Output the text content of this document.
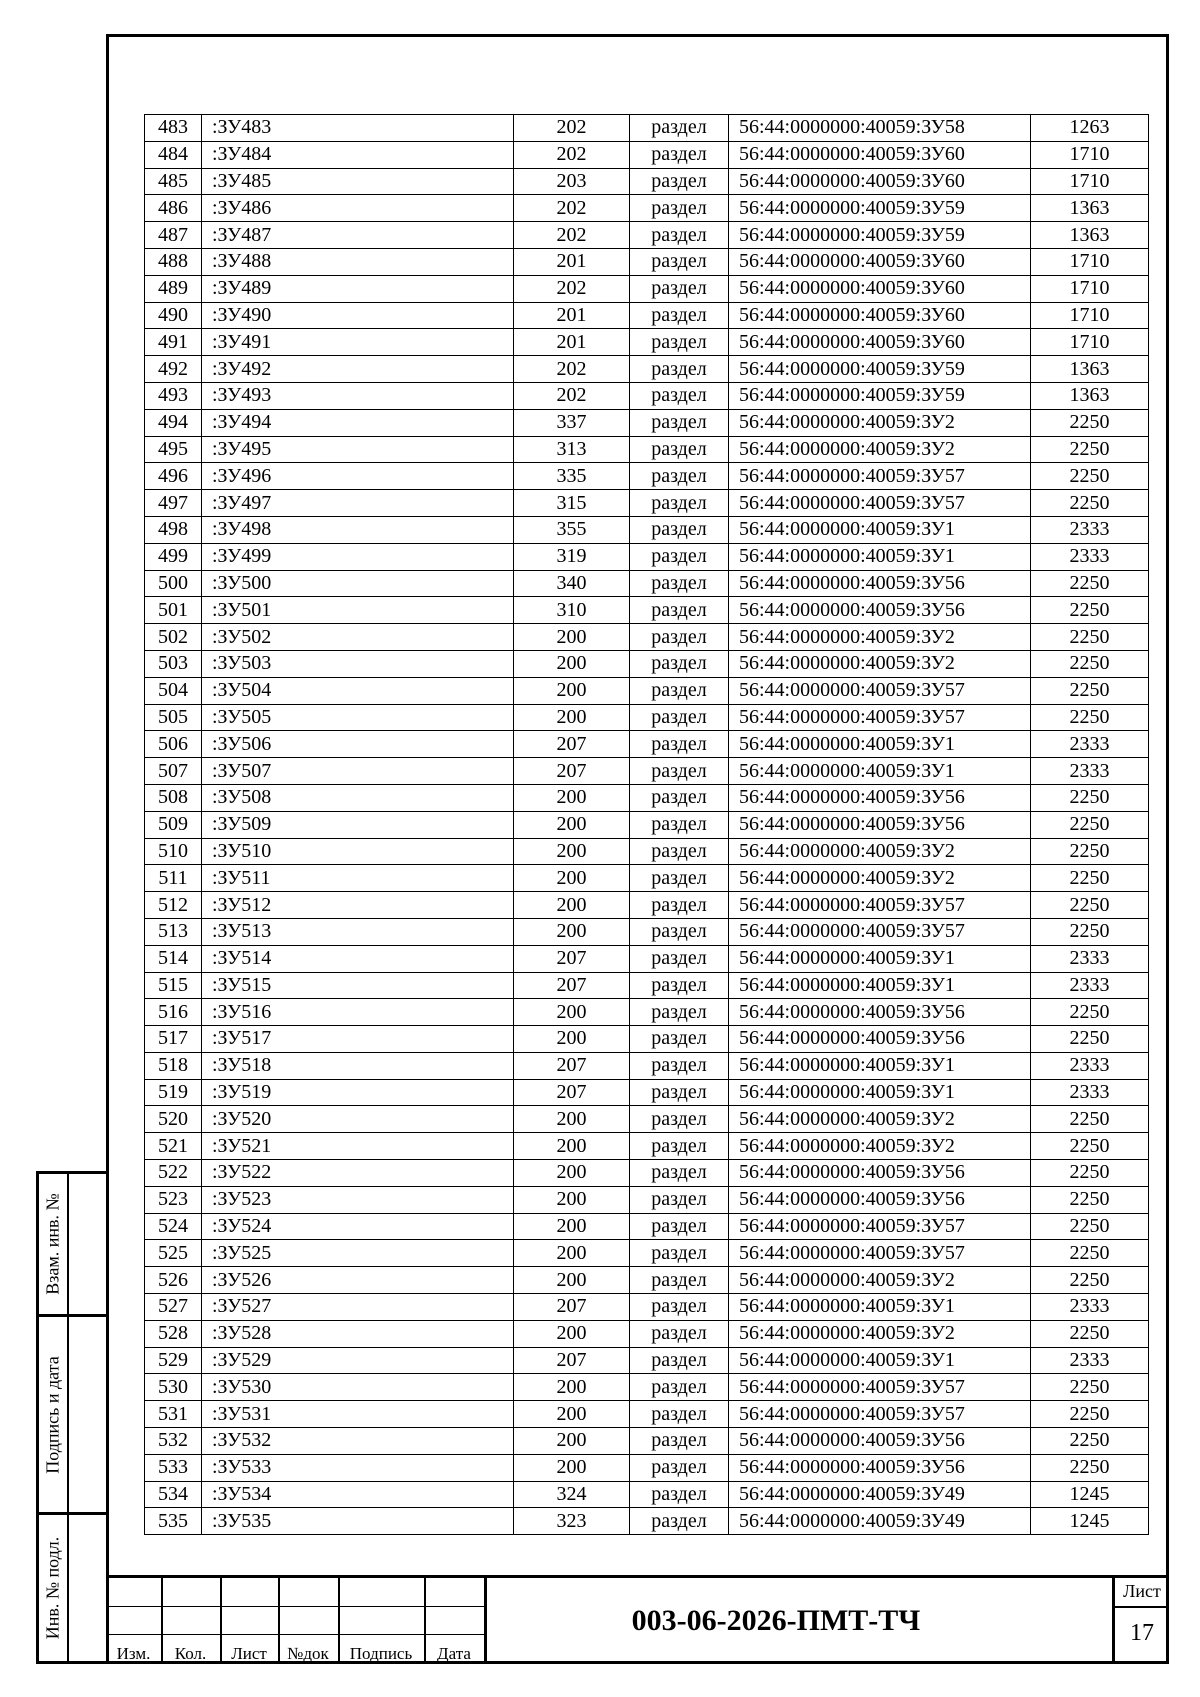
483	:ЗУ483	202	раздел	56:44:0000000:40059:ЗУ58	1263
484	:ЗУ484	202	раздел	56:44:0000000:40059:ЗУ60	1710
485	:ЗУ485	203	раздел	56:44:0000000:40059:ЗУ60	1710
486	:ЗУ486	202	раздел	56:44:0000000:40059:ЗУ59	1363
487	:ЗУ487	202	раздел	56:44:0000000:40059:ЗУ59	1363
488	:ЗУ488	201	раздел	56:44:0000000:40059:ЗУ60	1710
489	:ЗУ489	202	раздел	56:44:0000000:40059:ЗУ60	1710
490	:ЗУ490	201	раздел	56:44:0000000:40059:ЗУ60	1710
491	:ЗУ491	201	раздел	56:44:0000000:40059:ЗУ60	1710
492	:ЗУ492	202	раздел	56:44:0000000:40059:ЗУ59	1363
493	:ЗУ493	202	раздел	56:44:0000000:40059:ЗУ59	1363
494	:ЗУ494	337	раздел	56:44:0000000:40059:ЗУ2	2250
495	:ЗУ495	313	раздел	56:44:0000000:40059:ЗУ2	2250
496	:ЗУ496	335	раздел	56:44:0000000:40059:ЗУ57	2250
497	:ЗУ497	315	раздел	56:44:0000000:40059:ЗУ57	2250
498	:ЗУ498	355	раздел	56:44:0000000:40059:ЗУ1	2333
499	:ЗУ499	319	раздел	56:44:0000000:40059:ЗУ1	2333
500	:ЗУ500	340	раздел	56:44:0000000:40059:ЗУ56	2250
501	:ЗУ501	310	раздел	56:44:0000000:40059:ЗУ56	2250
502	:ЗУ502	200	раздел	56:44:0000000:40059:ЗУ2	2250
503	:ЗУ503	200	раздел	56:44:0000000:40059:ЗУ2	2250
504	:ЗУ504	200	раздел	56:44:0000000:40059:ЗУ57	2250
505	:ЗУ505	200	раздел	56:44:0000000:40059:ЗУ57	2250
506	:ЗУ506	207	раздел	56:44:0000000:40059:ЗУ1	2333
507	:ЗУ507	207	раздел	56:44:0000000:40059:ЗУ1	2333
508	:ЗУ508	200	раздел	56:44:0000000:40059:ЗУ56	2250
509	:ЗУ509	200	раздел	56:44:0000000:40059:ЗУ56	2250
510	:ЗУ510	200	раздел	56:44:0000000:40059:ЗУ2	2250
511	:ЗУ511	200	раздел	56:44:0000000:40059:ЗУ2	2250
512	:ЗУ512	200	раздел	56:44:0000000:40059:ЗУ57	2250
513	:ЗУ513	200	раздел	56:44:0000000:40059:ЗУ57	2250
514	:ЗУ514	207	раздел	56:44:0000000:40059:ЗУ1	2333
515	:ЗУ515	207	раздел	56:44:0000000:40059:ЗУ1	2333
516	:ЗУ516	200	раздел	56:44:0000000:40059:ЗУ56	2250
517	:ЗУ517	200	раздел	56:44:0000000:40059:ЗУ56	2250
518	:ЗУ518	207	раздел	56:44:0000000:40059:ЗУ1	2333
519	:ЗУ519	207	раздел	56:44:0000000:40059:ЗУ1	2333
520	:ЗУ520	200	раздел	56:44:0000000:40059:ЗУ2	2250
521	:ЗУ521	200	раздел	56:44:0000000:40059:ЗУ2	2250
522	:ЗУ522	200	раздел	56:44:0000000:40059:ЗУ56	2250
523	:ЗУ523	200	раздел	56:44:0000000:40059:ЗУ56	2250
524	:ЗУ524	200	раздел	56:44:0000000:40059:ЗУ57	2250
525	:ЗУ525	200	раздел	56:44:0000000:40059:ЗУ57	2250
526	:ЗУ526	200	раздел	56:44:0000000:40059:ЗУ2	2250
527	:ЗУ527	207	раздел	56:44:0000000:40059:ЗУ1	2333
528	:ЗУ528	200	раздел	56:44:0000000:40059:ЗУ2	2250
529	:ЗУ529	207	раздел	56:44:0000000:40059:ЗУ1	2333
530	:ЗУ530	200	раздел	56:44:0000000:40059:ЗУ57	2250
531	:ЗУ531	200	раздел	56:44:0000000:40059:ЗУ57	2250
532	:ЗУ532	200	раздел	56:44:0000000:40059:ЗУ56	2250
533	:ЗУ533	200	раздел	56:44:0000000:40059:ЗУ56	2250
534	:ЗУ534	324	раздел	56:44:0000000:40059:ЗУ49	1245
535	:ЗУ535	323	раздел	56:44:0000000:40059:ЗУ49	1245
Взам. инв. №
Подпись и дата
Инв. № подл.
Изм.	Кол.	Лист	№док	Подпись	Дата
003-06-2026-ПМТ-ТЧ
Лист
17
